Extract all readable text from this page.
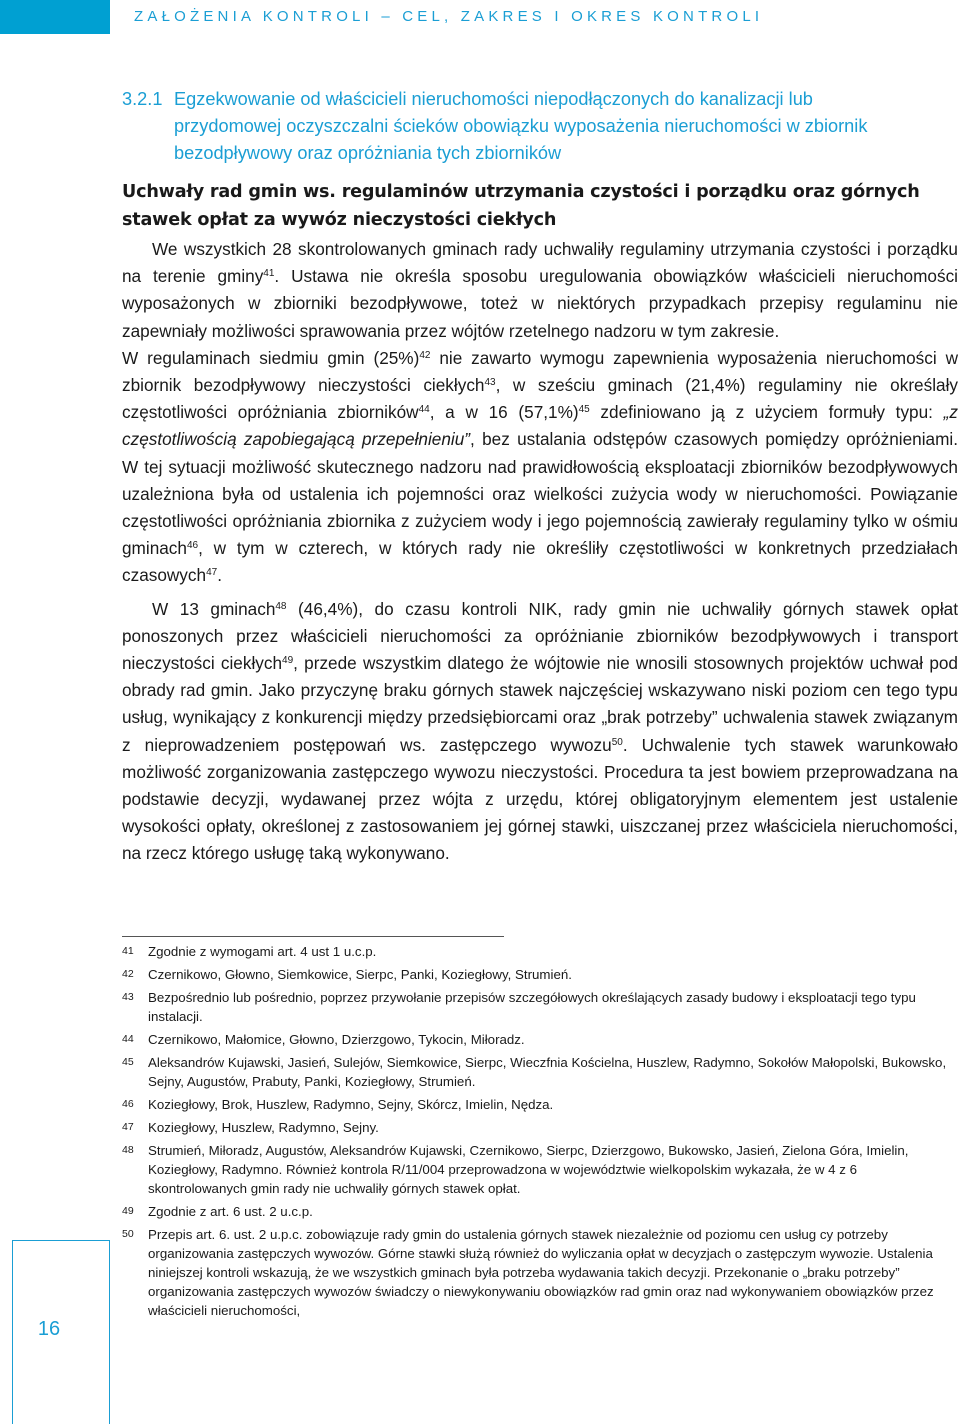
ZAŁOŻENIA KONTROLI – CEL, ZAKRES I OKRES KONTROLI
3.2.1 Egzekwowanie od właścicieli nieruchomości niepodłączonych do kanalizacji lub przydomowej oczyszczalni ścieków obowiązku wyposażenia nieruchomości w zbiornik bezodpływowy oraz opróżniania tych zbiorników
Uchwały rad gmin ws. regulaminów utrzymania czystości i porządku oraz górnych stawek opłat za wywóz nieczystości ciekłych

We wszystkich 28 skontrolowanych gminach rady uchwaliły regulaminy utrzymania czystości i porządku na terenie gminy$^{41}$. Ustawa nie określa sposobu uregulowania obowiązków właścicieli nieruchomości wyposażonych w zbiorniki bezodpływowe, toteż w niektórych przypadkach przepisy regulaminu nie zapewniały możliwości sprawowania przez wójtów rzetelnego nadzoru w tym zakresie.

W regulaminach siedmiu gmin $(25\%)^{42}$ nie zawarto wymogu zapewnienia wyposażenia nieruchomości w zbiornik bezodpływowy nieczystości ciekłych$^{43}$, w sześciu gminach (21,4%) regulaminy nie określały częstotliwości opróżniania zbiorników$^{44}$, a w 16 $(57,1\%)^{45}$ zdefiniowano ją z użyciem formuły typu: „z częstotliwością zapobiegającą przepełnieniu”, bez ustalania odstępów czasowych pomiędzy opróżnieniami. W tej sytuacji możliwość skutecznego nadzoru nad prawidłowością eksploatacji zbiorników bezodpływowych uzależniona była od ustalenia ich pojemności oraz wielkości zużycia wody w nieruchomości. Powiązanie częstotliwości opróżniania zbiornika z zużyciem wody i jego pojemnością zawierały regulaminy tylko w ośmiu gminach$^{46}$, w tym w czterech, w których rady nie określiły częstotliwości w konkretnych przedziałach czasowych$^{47}$.

W 13 gminach$^{48}$ (46,4%), do czasu kontroli NIK, rady gmin nie uchwaliły górnych stawek opłat ponoszonych przez właścicieli nieruchomości za opróżnianie zbiorników bezodpływowych i transport nieczystości ciekłych$^{49}$, przede wszystkim dlatego że wójtowie nie wnosili stosownych projektów uchwał pod obrady rad gmin. Jako przyczynę braku górnych stawek najczęściej wskazywano niski poziom cen tego typu usług, wynikający z konkurencji między przedsiębiorcami oraz „brak potrzeby” uchwalenia stawek związanym z nieprowadzeniem postępowań ws. zastępczego wywozu$^{50}$. Uchwalenie tych stawek warunkowało możliwość zorganizowania zastępczego wywozu nieczystości. Procedura ta jest bowiem przeprowadzana na podstawie decyzji, wydawanej przez wójta z urzędu, której obligatoryjnym elementem jest ustalenie wysokości opłaty, określonej z zastosowaniem jej górnej stawki, uiszczanej przez właściciela nieruchomości, na rzecz którego usługę taką wykonywano.

41 Zgodnie z wymogami art. 4 ust 1 u.c.p.
42 Czernikowo, Głowno, Siemkowice, Sierpc, Panki, Koziegłowy, Strumień.
43 Bezpośrednio lub pośrednio, poprzez przywołanie przepisów szczegółowych określających zasady budowy i eksploatacji tego typu instalacji.
44 Czernikowo, Małomice, Głowno, Dzierzgowo, Tykocin, Miłoradz.
45 Aleksandrów Kujawski, Jasień, Sulejów, Siemkowice, Sierpc, Wieczfnia Kościelna, Huszlew, Radymno, Sokołów Małopolski, Bukowsko, Sejny, Augustów, Prabuty, Panki, Koziegłowy, Strumień.
46 Koziegłowy, Brok, Huszlew, Radymno, Sejny, Skórcz, Imielin, Nędza.
47 Koziegłowy, Huszlew, Radymno, Sejny.
48 Strumień, Miłoradz, Augustów, Aleksandrów Kujawski, Czernikowo, Sierpc, Dzierzgowo, Bukowsko, Jasień, Zielona Góra, Imielin, Koziegłowy, Radymno. Również kontrola R/11/004 przeprowadzona w województwie wielkopolskim wykazała, że w 4 z 6 skontrolowanych gmin rady nie uchwaliły górnych stawek opłat.
49 Zgodnie z art. 6 ust. 2 u.c.p.
50 Przepis art. 6. ust. 2 u.p.c. zobowiązuje rady gmin do ustalenia górnych stawek niezależnie od poziomu cen usług cy potrzeby organizowania zastępczych wywozów. Górne stawki służą również do wyliczania opłat w decyzjach o zastępczym wywozie. Ustalenia niniejszej kontroli wskazują, że we wszystkich gminach była potrzeba wydawania takich decyzji. Przekonanie o „braku potrzeby” organizowania zastępczych wywozów świadczy o niewykonywaniu obowiązków rad gmin oraz nad wykonywaniem obowiązków przez właścicieli nieruchomości,
16
